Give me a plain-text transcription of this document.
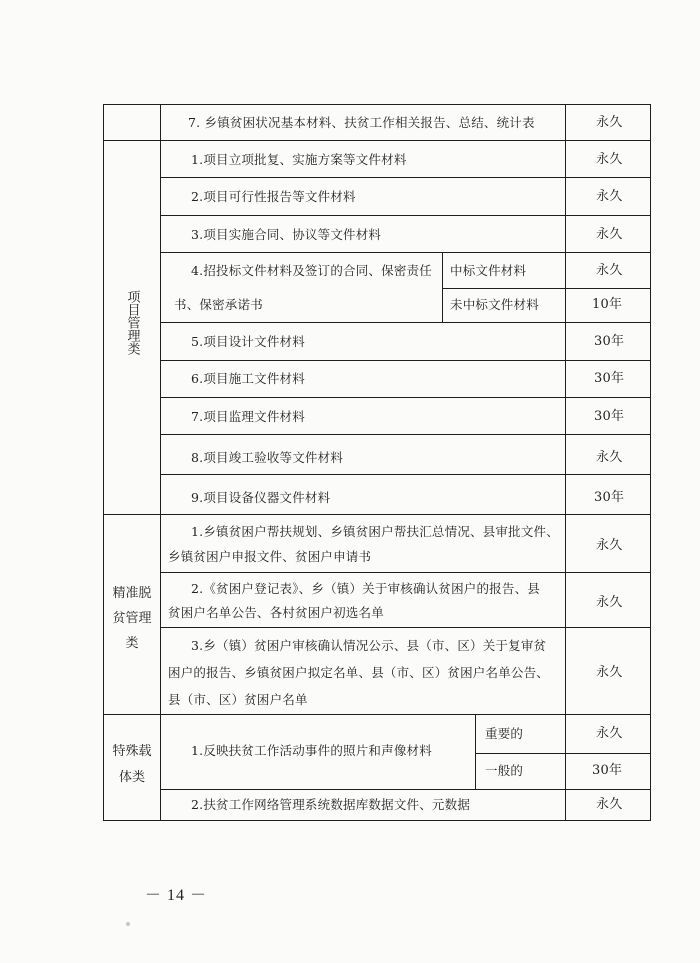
7. 乡镇贫困状况基本材料、扶贫工作相关报告、总结、统计表	永久
项目管理类
1.项目立项批复、实施方案等文件材料	永久
2.项目可行性报告等文件材料	永久
3.项目实施合同、协议等文件材料	永久
4.招投标文件材料及签订的合同、保密责任
书、保密承诺书
中标文件材料	永久
未中标文件材料	10年
5.项目设计文件材料	30年
6.项目施工文件材料	30年
7.项目监理文件材料	30年
8.项目竣工验收等文件材料	永久
9.项目设备仪器文件材料	30年
精准脱
贫管理
类
1.乡镇贫困户帮扶规划、乡镇贫困户帮扶汇总情况、县审批文件、
乡镇贫困户申报文件、贫困户申请书
永久
2.《贫困户登记表》、乡（镇）关于审核确认贫困户的报告、县
贫困户名单公告、各村贫困户初选名单
永久
3.乡（镇）贫困户审核确认情况公示、县（市、区）关于复审贫
困户的报告、乡镇贫困户拟定名单、县（市、区）贫困户名单公告、
县（市、区）贫困户名单
永久
特殊载
体类
1.反映扶贫工作活动事件的照片和声像材料
重要的	永久
一般的	30年
2.扶贫工作网络管理系统数据库数据文件、元数据	永久
－ 14 －
